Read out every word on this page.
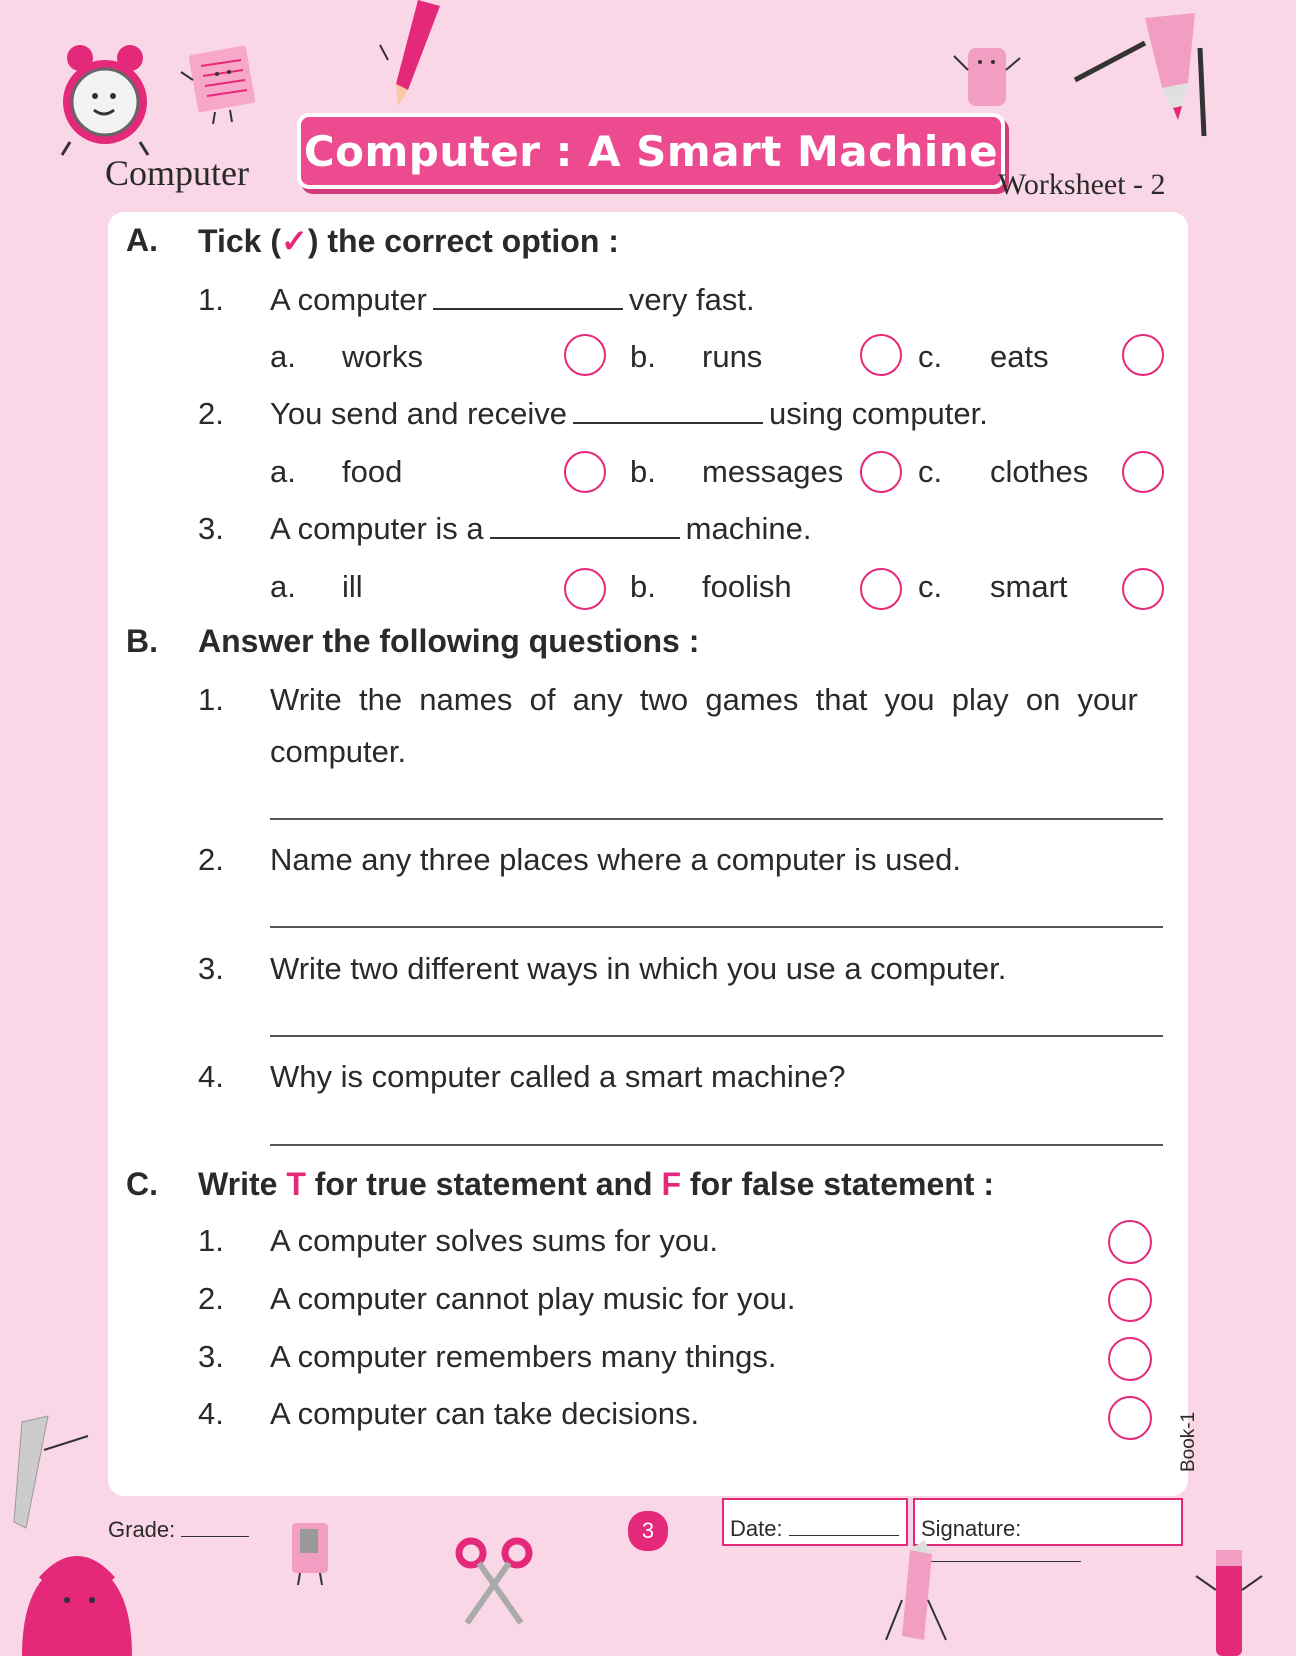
Computer Computer : A Smart Machine
Worksheet - 2
A. Tick (✓) the correct option :
1. A computer	very fast.
a. works	b. runs	c. eats
2. You send and receive	using computer.
a. food	b. messages c. clothes
3. A computer is a	machine.
a. ill	b. foolish	c. smart
B. Answer the following questions :
1. Write  the  names  of  any  two  games  that  you  play  on  your
computer.
2. Name any three places where a computer is used.
3. Write two different ways in which you use a computer.
4. Why is computer called a smart machine?
C. Write T for true statement and F for false statement :
1. A computer solves sums for you.
2. A computer cannot play music for you.
3. A computer remembers many things.
4. A computer can take decisions.
Grade:	3	Date:	Signature:
Book-1
